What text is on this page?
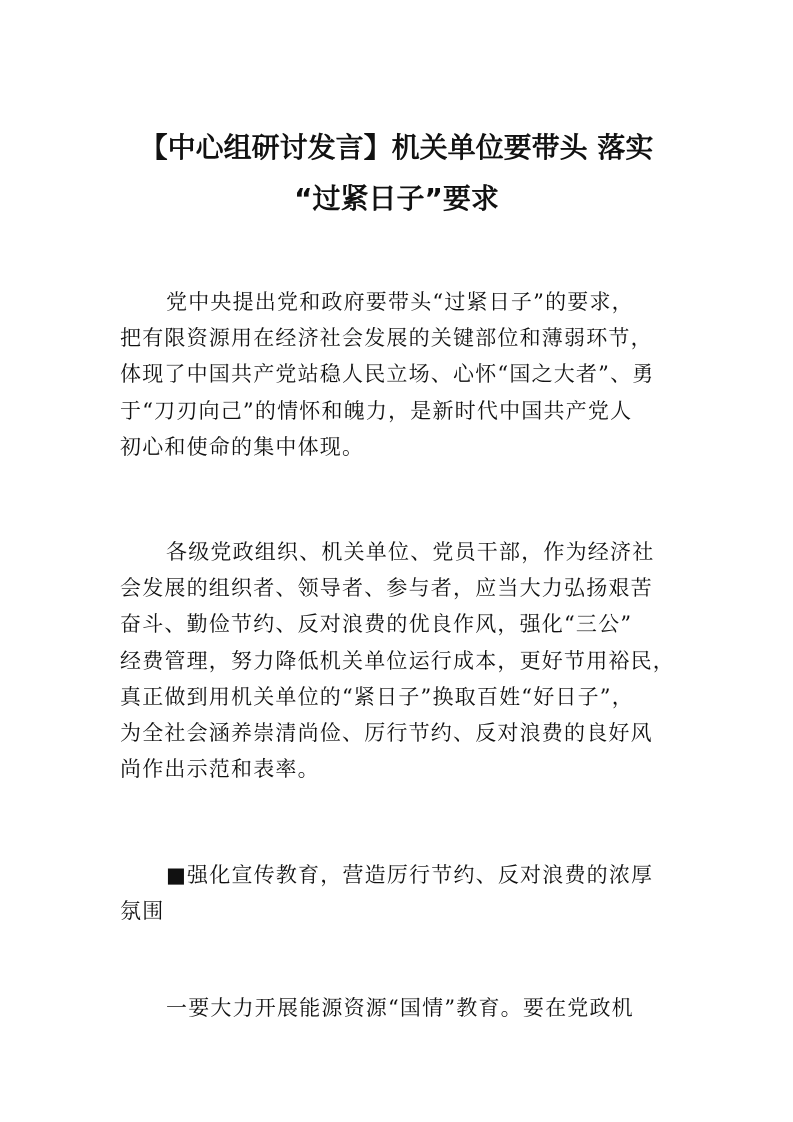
【中心组研讨发言】机关单位要带头 落实
“过紧日子”要求
党中央提出党和政府要带头“过紧日子”的要求，
把有限资源用在经济社会发展的关键部位和薄弱环节，
体现了中国共产党站稳人民立场、心怀“国之大者”、勇
于“刀刃向己”的情怀和魄力，是新时代中国共产党人
初心和使命的集中体现。
各级党政组织、机关单位、党员干部，作为经济社
会发展的组织者、领导者、参与者，应当大力弘扬艰苦
奋斗、勤俭节约、反对浪费的优良作风，强化“三公”
经费管理，努力降低机关单位运行成本，更好节用裕民，
真正做到用机关单位的“紧日子”换取百姓“好日子”，
为全社会涵养崇清尚俭、厉行节约、反对浪费的良好风
尚作出示范和表率。
■强化宣传教育，营造厉行节约、反对浪费的浓厚
氛围
一要大力开展能源资源“国情”教育。要在党政机
